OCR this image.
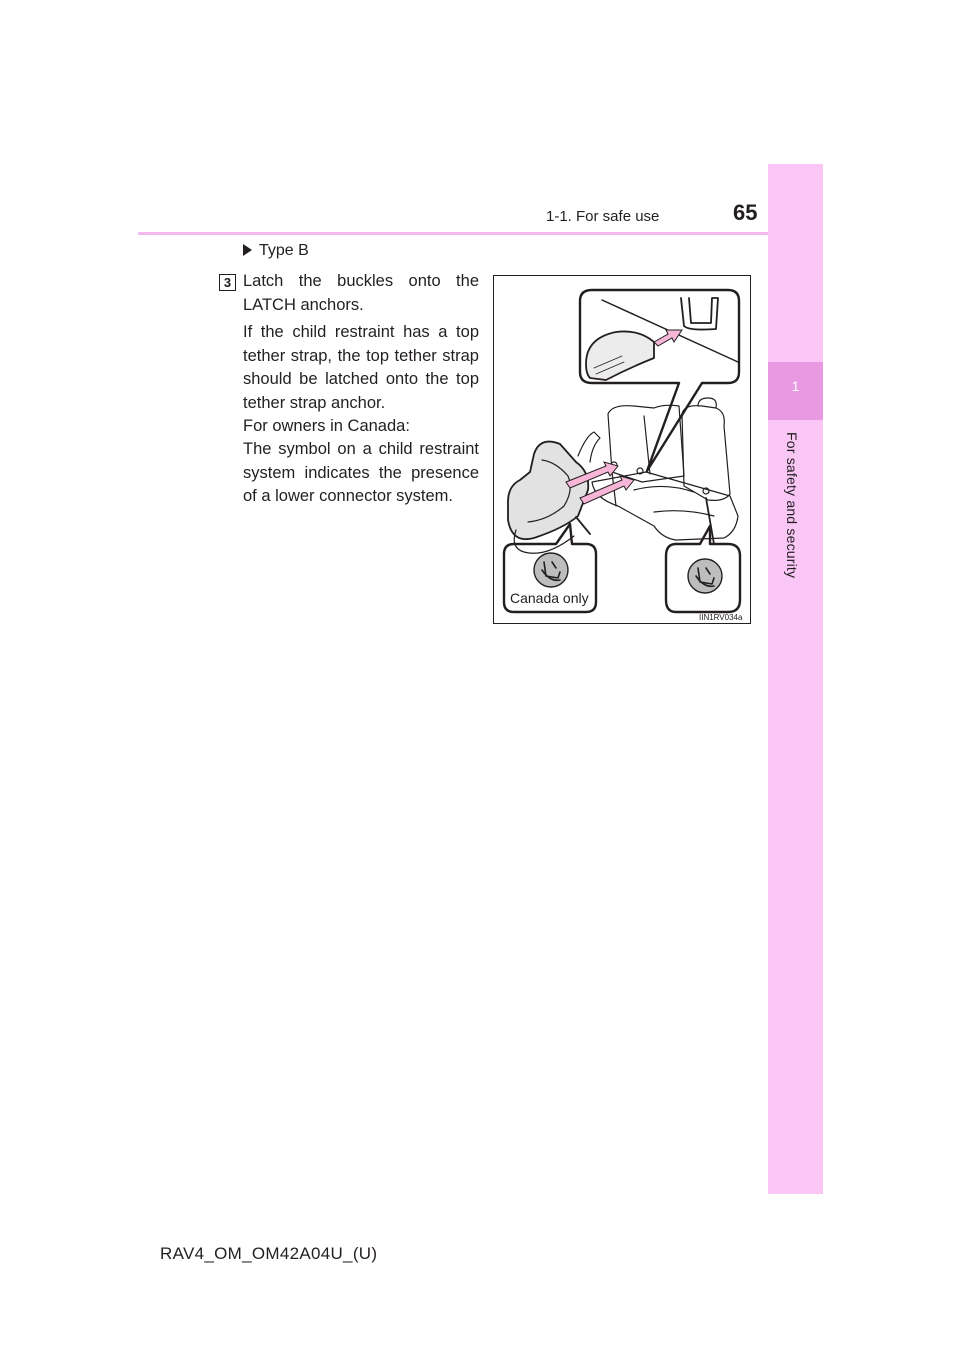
1-1. For safe use	65
1
For safety and security
Type B
3 Latch the buckles onto the LATCH anchors.
If the child restraint has a top tether strap, the top tether strap should be latched onto the top tether strap anchor.
For owners in Canada:
The symbol on a child restraint system indicates the presence of a lower connector system.
Canada only
IIN1RV034a
RAV4_OM_OM42A04U_(U)
